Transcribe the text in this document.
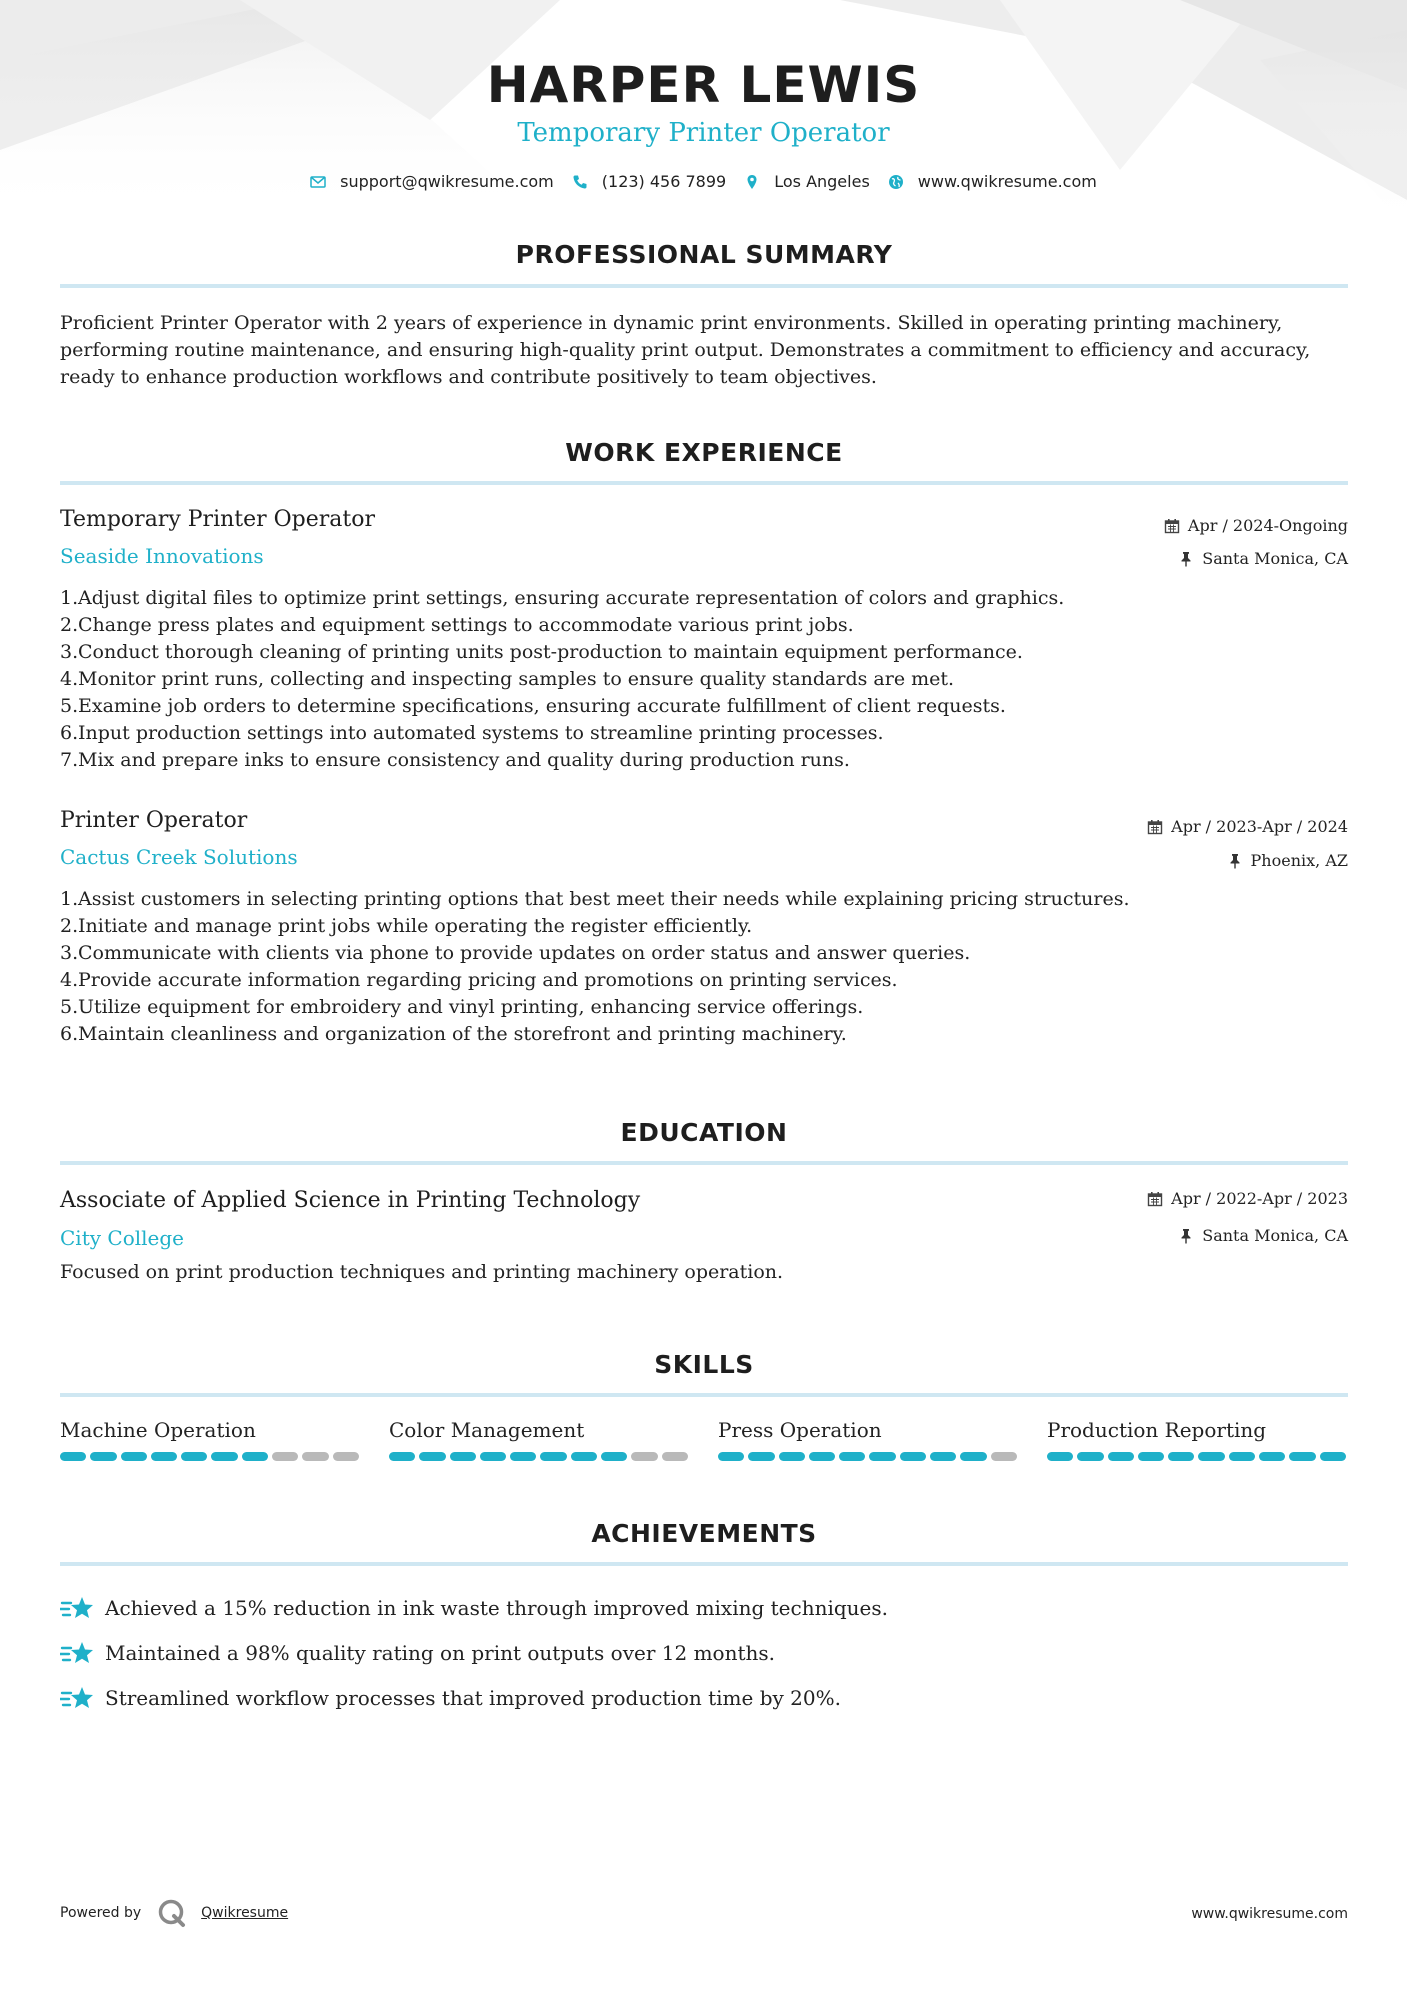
HARPER LEWIS
Temporary Printer Operator
support@qwikresume.com	(123) 456 7899	Los Angeles	www.qwikresume.com
PROFESSIONAL SUMMARY

Proficient Printer Operator with 2 years of experience in dynamic print environments. Skilled in operating printing machinery, performing routine maintenance, and ensuring high-quality print output. Demonstrates a commitment to efficiency and accuracy, ready to enhance production workflows and contribute positively to team objectives.

WORK EXPERIENCE
Temporary Printer Operator
Seaside Innovations
Apr / 2024-Ongoing
Santa Monica, CA
1. Adjust digital files to optimize print settings, ensuring accurate representation of colors and graphics.
2. Change press plates and equipment settings to accommodate various print jobs.
3. Conduct thorough cleaning of printing units post-production to maintain equipment performance.
4. Monitor print runs, collecting and inspecting samples to ensure quality standards are met.
5. Examine job orders to determine specifications, ensuring accurate fulfillment of client requests.
6. Input production settings into automated systems to streamline printing processes.
7. Mix and prepare inks to ensure consistency and quality during production runs.
Printer Operator
Cactus Creek Solutions
Apr / 2023-Apr / 2024
Phoenix, AZ
1. Assist customers in selecting printing options that best meet their needs while explaining pricing structures.
2. Initiate and manage print jobs while operating the register efficiently.
3. Communicate with clients via phone to provide updates on order status and answer queries.
4. Provide accurate information regarding pricing and promotions on printing services.
5. Utilize equipment for embroidery and vinyl printing, enhancing service offerings.
6. Maintain cleanliness and organization of the storefront and printing machinery.
EDUCATION
Associate of Applied Science in Printing Technology
City College
Apr / 2022-Apr / 2023
Santa Monica, CA

Focused on print production techniques and printing machinery operation.

SKILLS
Machine Operation	Color Management	Press Operation	Production Reporting
ACHIEVEMENTS
Achieved a 15% reduction in ink waste through improved mixing techniques.
Maintained a 98% quality rating on print outputs over 12 months.
Streamlined workflow processes that improved production time by 20%.
Powered by	Qwikresume	www.qwikresume.com
